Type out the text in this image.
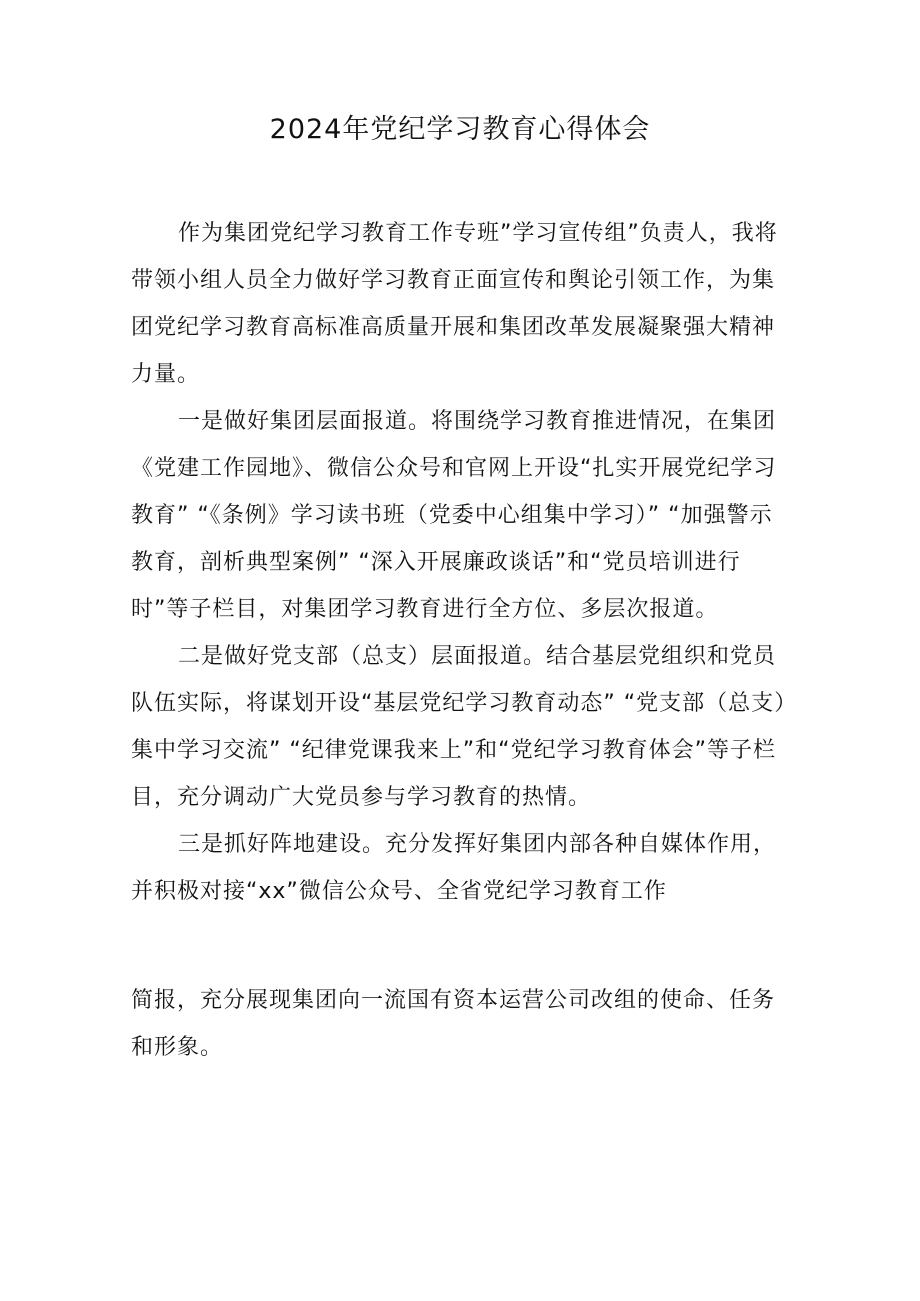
2024年党纪学习教育心得体会

作为集团党纪学习教育工作专班”学习宣传组”负责人，我将带领小组人员全力做好学习教育正面宣传和舆论引领工作，为集团党纪学习教育高标准高质量开展和集团改革发展凝聚强大精神力量。

一是做好集团层面报道。将围绕学习教育推进情况，在集团《党建工作园地》、微信公众号和官网上开设“扎实开展党纪学习教育” “《条例》学习读书班（党委中心组集中学习）” “加强警示教育，剖析典型案例” “深入开展廉政谈话”和“党员培训进行时”等子栏目，对集团学习教育进行全方位、多层次报道。

二是做好党支部（总支）层面报道。结合基层党组织和党员队伍实际，将谋划开设“基层党纪学习教育动态” “党支部（总支）集中学习交流” “纪律党课我来上”和“党纪学习教育体会”等子栏目，充分调动广大党员参与学习教育的热情。

三是抓好阵地建设。充分发挥好集团内部各种自媒体作用，并积极对接“xx”微信公众号、全省党纪学习教育工作

简报，充分展现集团向一流国有资本运营公司改组的使命、任务和形象。
